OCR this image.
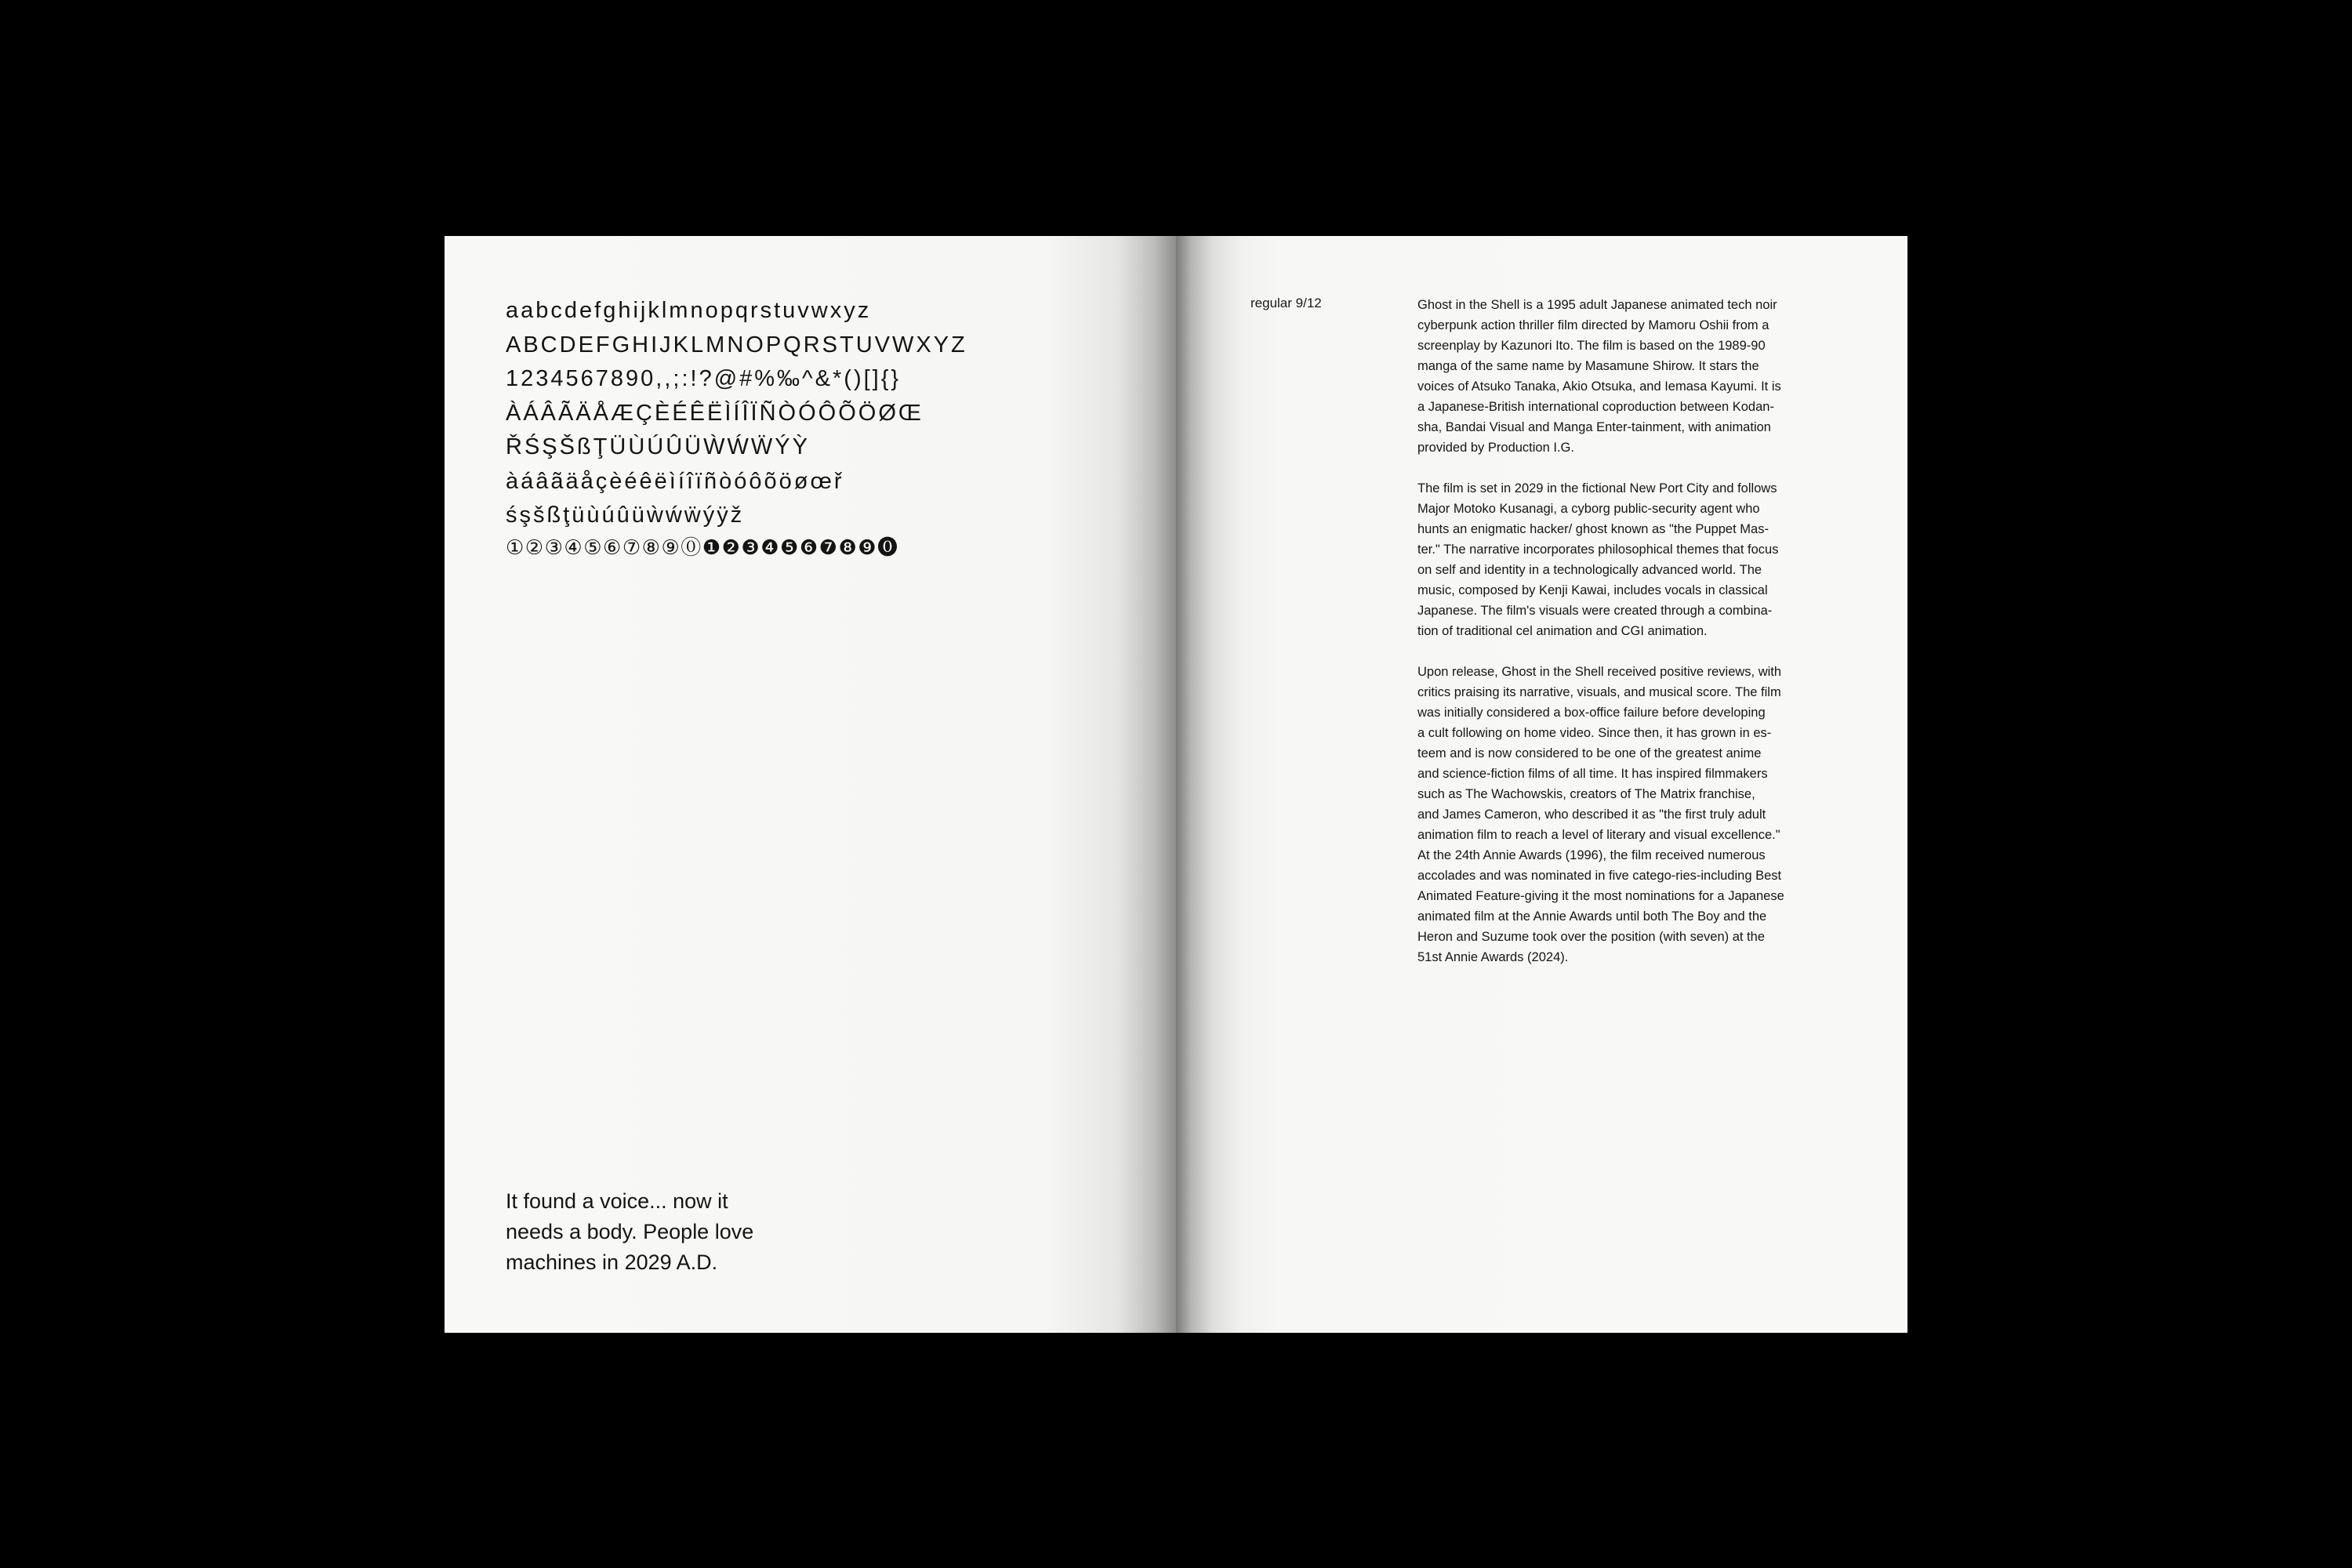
aabcdefghijklmnopqrstuvwxyz
ABCDEFGHIJKLMNOPQRSTUVWXYZ
1234567890,,;:!?@#%‰^&*()[]{}
ÀÁÂÃÄÅÆÇÈÉÊËÌÍÎÏÑÒÓÔÕÖØŒ
ŘŚŞŠßŢÜÙÚÛÜẀẂẄÝỲ
àáâãäåçèéêëìíîïñòóôõöøœř
śşšßţüùúûüẁẃẅýÿž
①②③④⑤⑥⑦⑧⑨⓪❶❷❸❹❺❻❼❽❾⓿
It found a voice... now it
needs a body. People love
machines in 2029 A.D.
regular 9/12	Ghost in the Shell is a 1995 adult Japanese animated tech noir
cyberpunk action thriller film directed by Mamoru Oshii from a
screenplay by Kazunori Ito. The film is based on the 1989-90
manga of the same name by Masamune Shirow. It stars the
voices of Atsuko Tanaka, Akio Otsuka, and Iemasa Kayumi. It is
a Japanese-British international coproduction between Kodan-
sha, Bandai Visual and Manga Enter-tainment, with animation
provided by Production I.G.
The film is set in 2029 in the fictional New Port City and follows
Major Motoko Kusanagi, a cyborg public-security agent who
hunts an enigmatic hacker/ ghost known as "the Puppet Mas-
ter." The narrative incorporates philosophical themes that focus
on self and identity in a technologically advanced world. The
music, composed by Kenji Kawai, includes vocals in classical
Japanese. The film's visuals were created through a combina-
tion of traditional cel animation and CGI animation.
Upon release, Ghost in the Shell received positive reviews, with
critics praising its narrative, visuals, and musical score. The film
was initially considered a box-office failure before developing
a cult following on home video. Since then, it has grown in es-
teem and is now considered to be one of the greatest anime
and science-fiction films of all time. It has inspired filmmakers
such as The Wachowskis, creators of The Matrix franchise,
and James Cameron, who described it as "the first truly adult
animation film to reach a level of literary and visual excellence."
At the 24th Annie Awards (1996), the film received numerous
accolades and was nominated in five catego-ries-including Best
Animated Feature-giving it the most nominations for a Japanese
animated film at the Annie Awards until both The Boy and the
Heron and Suzume took over the position (with seven) at the
51st Annie Awards (2024).
